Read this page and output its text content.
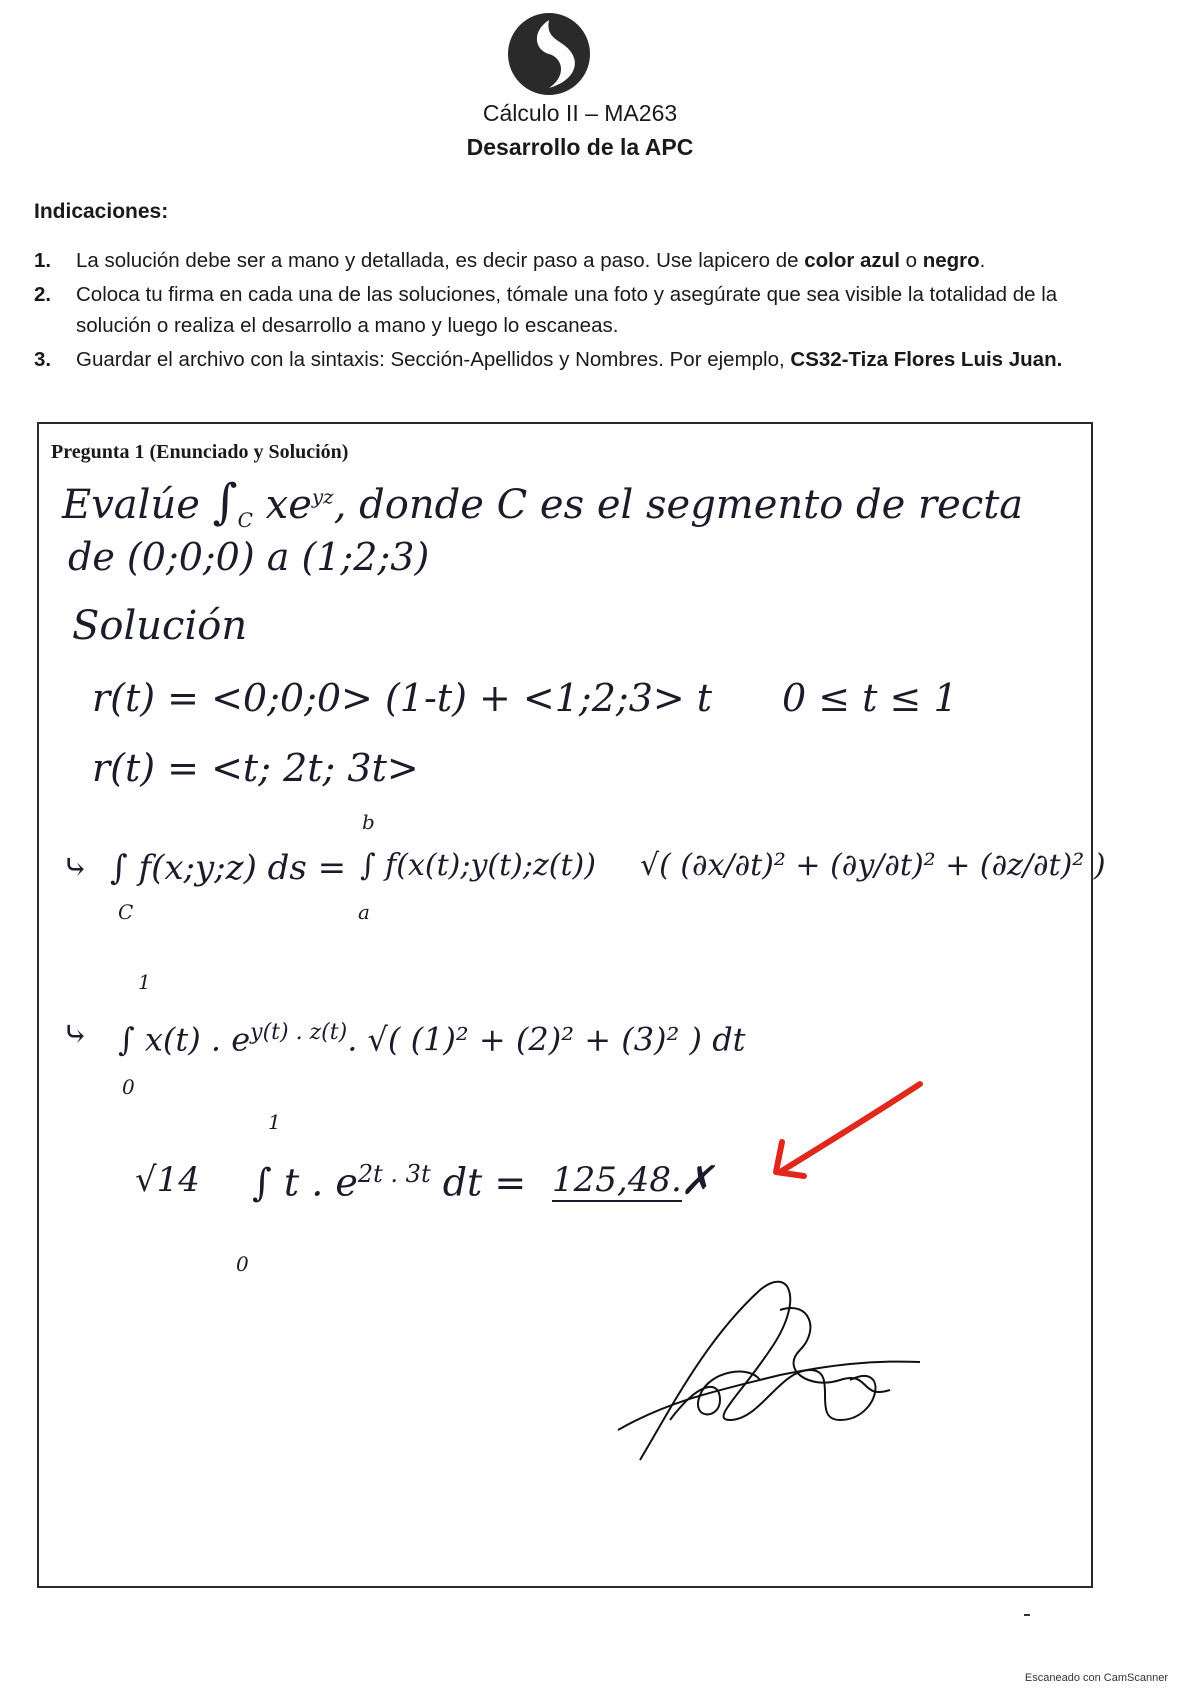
Cálculo II – MA263
Desarrollo de la APC
Indicaciones:
1. La solución debe ser a mano y detallada, es decir paso a paso. Use lapicero de color azul o negro.
2. Coloca tu firma en cada una de las soluciones, tómale una foto y asegúrate que sea visible la totalidad de la solución o realiza el desarrollo a mano y luego lo escaneas.
3. Guardar el archivo con la sintaxis: Sección-Apellidos y Nombres. Por ejemplo, CS32-Tiza Flores Luis Juan.
Pregunta 1 (Enunciado y Solución)
Evalúe $\int_C$ $xe^{yz}$, donde C es el segmento de recta
de (0;0;0) a (1;2;3)
Solución
r(t) = <0;0;0> (1-t) + <1;2;3> t 0 ≤ t ≤ 1
r(t) = <t; 2t; 3t>
⤷ ∫ f(x;y;z) ds =
C
∫ f(x(t);y(t);z(t))
b
a
√( (∂x/∂t)² + (∂y/∂t)² + (∂z/∂t)² )
⤷
1
0
∫ x(t) . $e^{y(t) . z(t)}$. √( (1)² + (2)² + (3)² ) dt
√14
1
0
∫ t . $e^{2t . 3t}$ dt = 125,48.
✗
Escaneado con CamScanner
